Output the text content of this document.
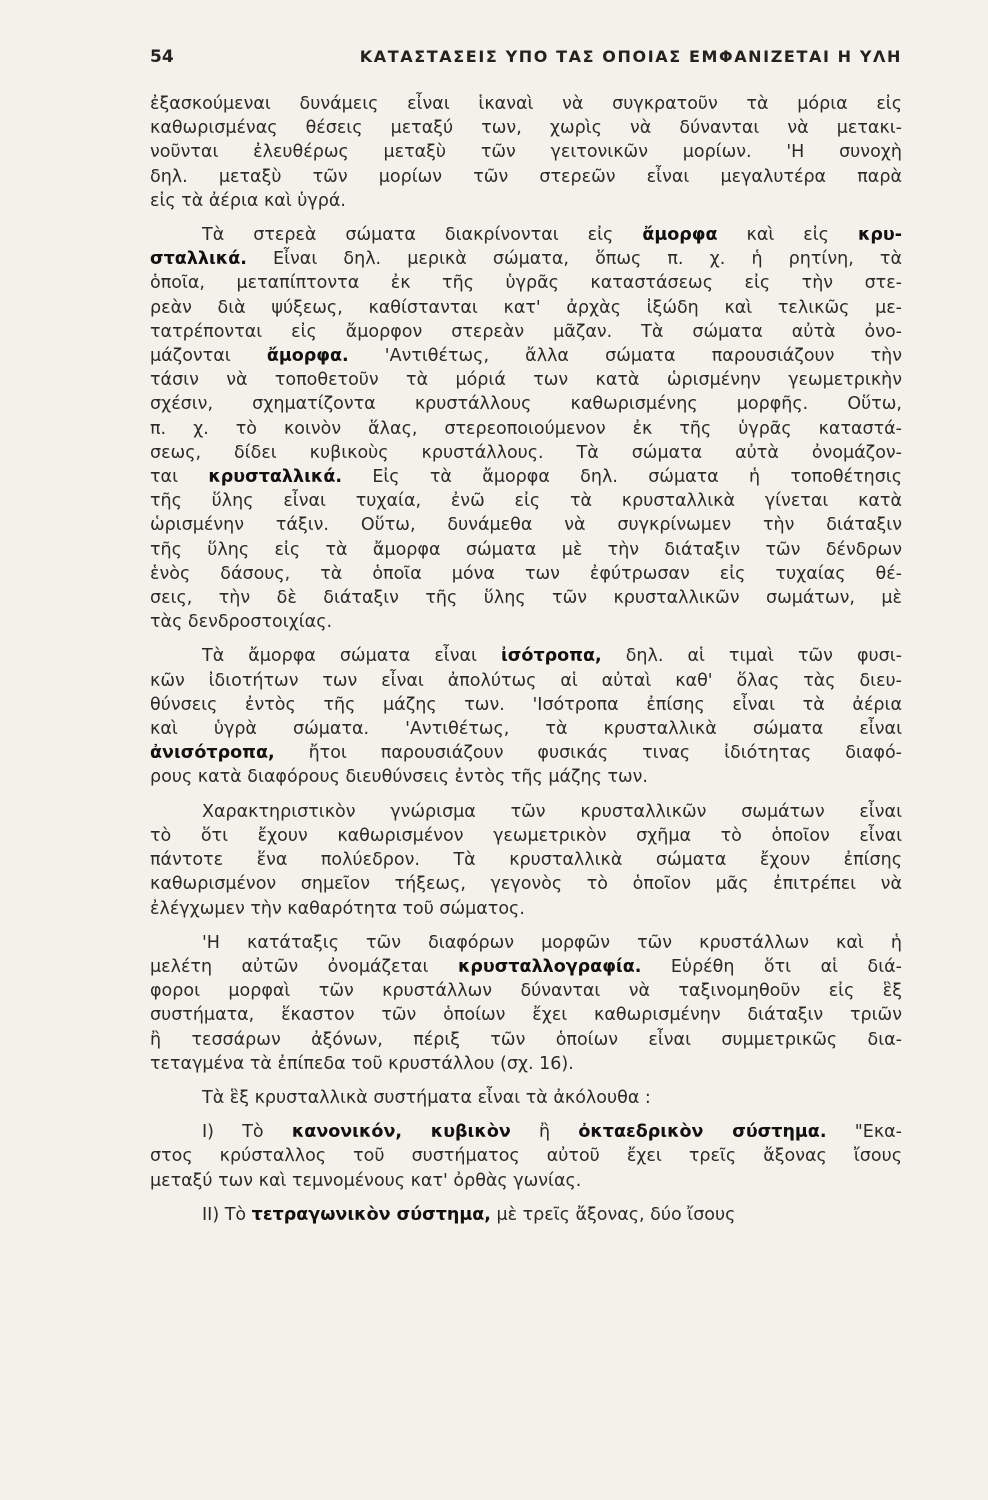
54	ΚΑΤΑΣΤΑΣΕΙΣ ΥΠΟ ΤΑΣ ΟΠΟΙΑΣ ΕΜΦΑΝΙΖΕΤΑΙ Η ΥΛΗ
ἐξασκούμεναι δυνάμεις εἶναι ἱκαναὶ νὰ συγκρατοῦν τὰ μόρια εἰς
καθωρισμένας θέσεις μεταξύ των, χωρὶς νὰ δύνανται νὰ μετακι-
νοῦνται ἐλευθέρως μεταξὺ τῶν γειτονικῶν μορίων. 'Η συνοχὴ
δηλ. μεταξὺ τῶν μορίων τῶν στερεῶν εἶναι μεγαλυτέρα παρὰ
εἰς τὰ ἀέρια καὶ ὑγρά.
Τὰ στερεὰ σώματα διακρίνονται εἰς ἄμορφα καὶ εἰς κρυ-
σταλλικά. Εἶναι δηλ. μερικὰ σώματα, ὅπως π. χ. ἡ ρητίνη, τὰ
ὁποῖα, μεταπίπτοντα ἐκ τῆς ὑγρᾶς καταστάσεως εἰς τὴν στε-
ρεὰν διὰ ψύξεως, καθίστανται κατ' ἀρχὰς ἰξώδη καὶ τελικῶς με-
τατρέπονται εἰς ἄμορφον στερεὰν μᾶζαν. Τὰ σώματα αὐτὰ ὀνο-
μάζονται ἄμορφα. 'Αντιθέτως, ἄλλα σώματα παρουσιάζουν τὴν
τάσιν νὰ τοποθετοῦν τὰ μόριά των κατὰ ὡρισμένην γεωμετρικὴν
σχέσιν, σχηματίζοντα κρυστάλλους καθωρισμένης μορφῆς. Οὕτω,
π. χ. τὸ κοινὸν ἅλας, στερεοποιούμενον ἐκ τῆς ὑγρᾶς καταστά-
σεως, δίδει κυβικοὺς κρυστάλλους. Τὰ σώματα αὐτὰ ὀνομάζον-
ται κρυσταλλικά. Εἰς τὰ ἄμορφα δηλ. σώματα ἡ τοποθέτησις
τῆς ὕλης εἶναι τυχαία, ἐνῶ εἰς τὰ κρυσταλλικὰ γίνεται κατὰ
ὡρισμένην τάξιν. Οὕτω, δυνάμεθα νὰ συγκρίνωμεν τὴν διάταξιν
τῆς ὕλης εἰς τὰ ἄμορφα σώματα μὲ τὴν διάταξιν τῶν δένδρων
ἑνὸς δάσους, τὰ ὁποῖα μόνα των ἐφύτρωσαν εἰς τυχαίας θέ-
σεις, τὴν δὲ διάταξιν τῆς ὕλης τῶν κρυσταλλικῶν σωμάτων, μὲ
τὰς δενδροστοιχίας.
Τὰ ἄμορφα σώματα εἶναι ἰσότροπα, δηλ. αἱ τιμαὶ τῶν φυσι-
κῶν ἰδιοτήτων των εἶναι ἀπολύτως αἱ αὐταὶ καθ' ὅλας τὰς διευ-
θύνσεις ἐντὸς τῆς μάζης των. 'Ισότροπα ἐπίσης εἶναι τὰ ἀέρια
καὶ ὑγρὰ σώματα. 'Αντιθέτως, τὰ κρυσταλλικὰ σώματα εἶναι
ἀνισότροπα, ἤτοι παρουσιάζουν φυσικάς τινας ἰδιότητας διαφό-
ρους κατὰ διαφόρους διευθύνσεις ἐντὸς τῆς μάζης των.
Χαρακτηριστικὸν γνώρισμα τῶν κρυσταλλικῶν σωμάτων εἶναι
τὸ ὅτι ἔχουν καθωρισμένον γεωμετρικὸν σχῆμα τὸ ὁποῖον εἶναι
πάντοτε ἕνα πολύεδρον. Τὰ κρυσταλλικὰ σώματα ἔχουν ἐπίσης
καθωρισμένον σημεῖον τήξεως, γεγονὸς τὸ ὁποῖον μᾶς ἐπιτρέπει νὰ
ἐλέγχωμεν τὴν καθαρότητα τοῦ σώματος.
'Η κατάταξις τῶν διαφόρων μορφῶν τῶν κρυστάλλων καὶ ἡ
μελέτη αὐτῶν ὀνομάζεται κρυσταλλογραφία. Εὑρέθη ὅτι αἱ διά-
φοροι μορφαὶ τῶν κρυστάλλων δύνανται νὰ ταξινομηθοῦν εἰς ἓξ
συστήματα, ἕκαστον τῶν ὁποίων ἔχει καθωρισμένην διάταξιν τριῶν
ἢ τεσσάρων ἀξόνων, πέριξ τῶν ὁποίων εἶναι συμμετρικῶς δια-
τεταγμένα τὰ ἐπίπεδα τοῦ κρυστάλλου (σχ. 16).
Τὰ ἓξ κρυσταλλικὰ συστήματα εἶναι τὰ ἀκόλουθα :
Ι) Τὸ κανονικόν, κυβικὸν ἢ ὀκταεδρικὸν σύστημα. "Εκα-
στος κρύσταλλος τοῦ συστήματος αὐτοῦ ἔχει τρεῖς ἄξονας ἴσους
μεταξύ των καὶ τεμνομένους κατ' ὀρθὰς γωνίας.
ΙΙ) Τὸ τετραγωνικὸν σύστημα, μὲ τρεῖς ἄξονας, δύο ἴσους
